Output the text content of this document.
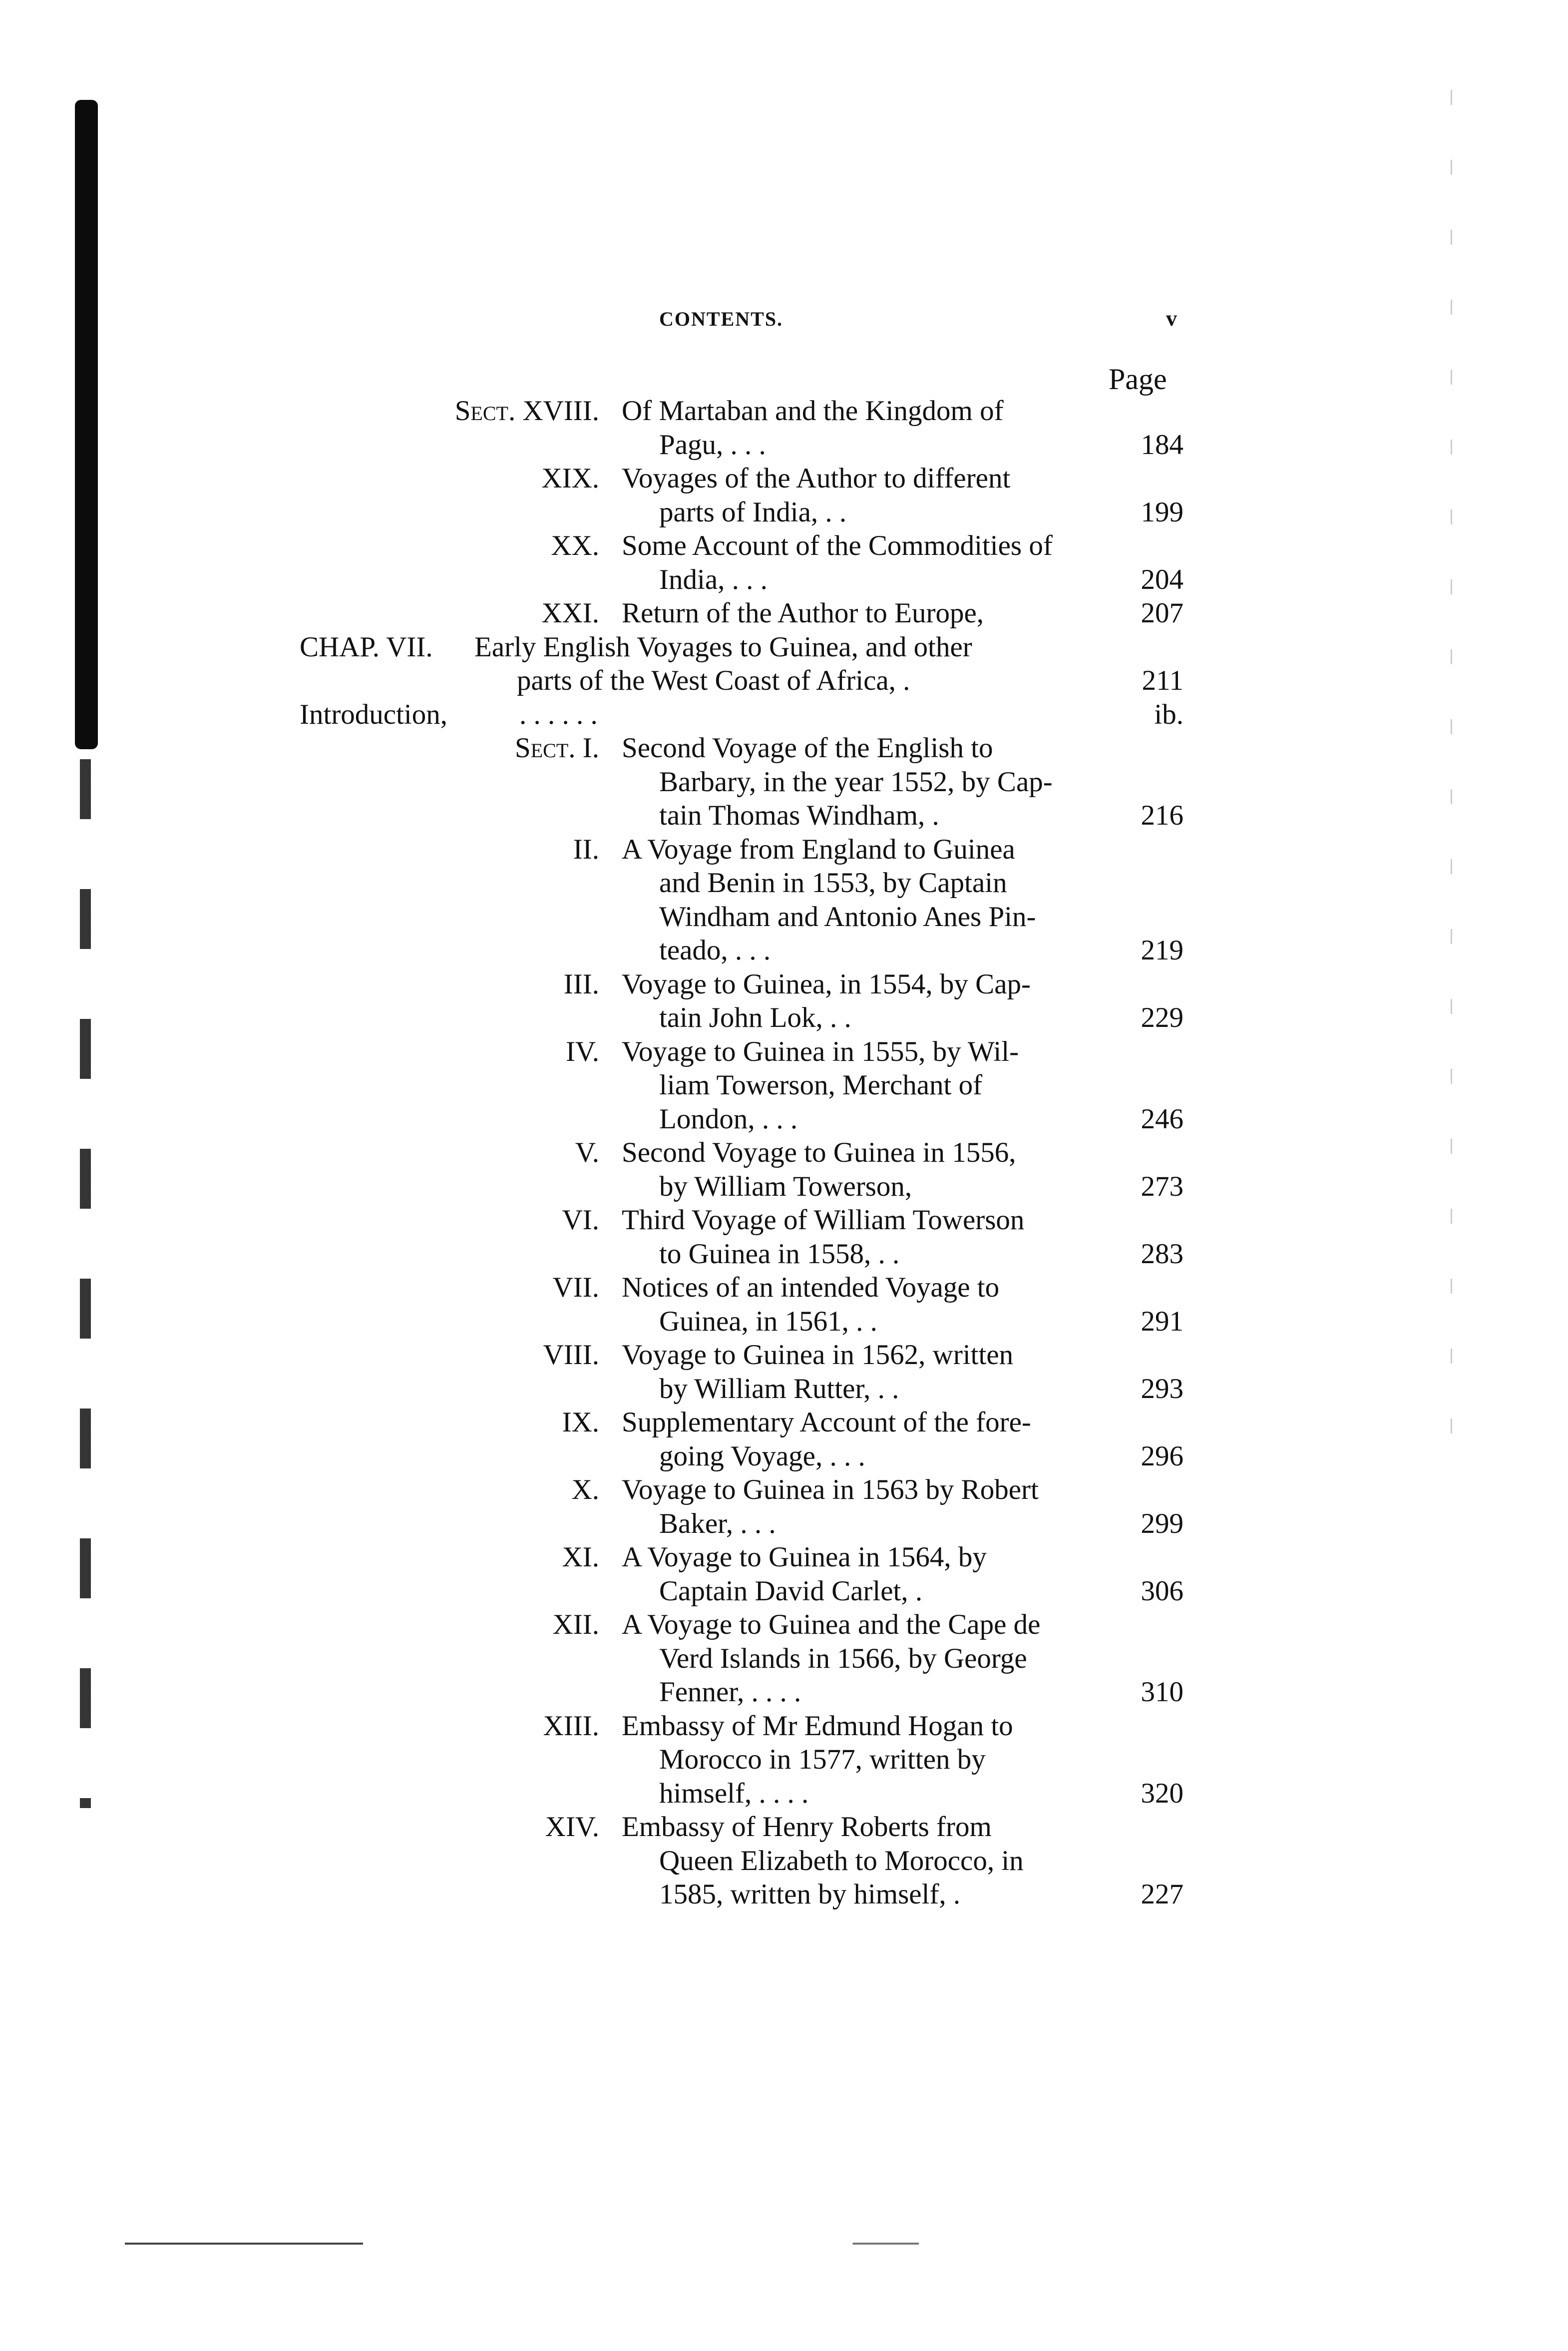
CONTENTS.	v
Page
Sect. XVIII. Of Martaban and the Kingdom of
Pagu, . . .	184
XIX. Voyages of the Author to different
parts of India, . .	199
XX. Some Account of the Commodities of
India, . . .	204
XXI. Return of the Author to Europe,	207
CHAP. VII. Early English Voyages to Guinea, and other
parts of the West Coast of Africa, .	211
Introduction,	. . . . . .	ib.
Sect. I. Second Voyage of the English to
Barbary, in the year 1552, by Cap-
tain Thomas Windham, .	216
II. A Voyage from England to Guinea
and Benin in 1553, by Captain
Windham and Antonio Anes Pin-
teado, . . .	219
III. Voyage to Guinea, in 1554, by Cap-
tain John Lok, . .	229
IV. Voyage to Guinea in 1555, by Wil-
liam Towerson, Merchant of
London, . . .	246
V. Second Voyage to Guinea in 1556,
by William Towerson,	273
VI. Third Voyage of William Towerson
to Guinea in 1558, . .	283
VII. Notices of an intended Voyage to
Guinea, in 1561, . .	291
VIII. Voyage to Guinea in 1562, written
by William Rutter, . .	293
IX. Supplementary Account of the fore-
going Voyage, . . .	296
X. Voyage to Guinea in 1563 by Robert
Baker, . . .	299
XI. A Voyage to Guinea in 1564, by
Captain David Carlet, .	306
XII. A Voyage to Guinea and the Cape de
Verd Islands in 1566, by George
Fenner, . . . .	310
XIII. Embassy of Mr Edmund Hogan to
Morocco in 1577, written by
himself, . . . .	320
XIV. Embassy of Henry Roberts from
Queen Elizabeth to Morocco, in
1585, written by himself, .	227
